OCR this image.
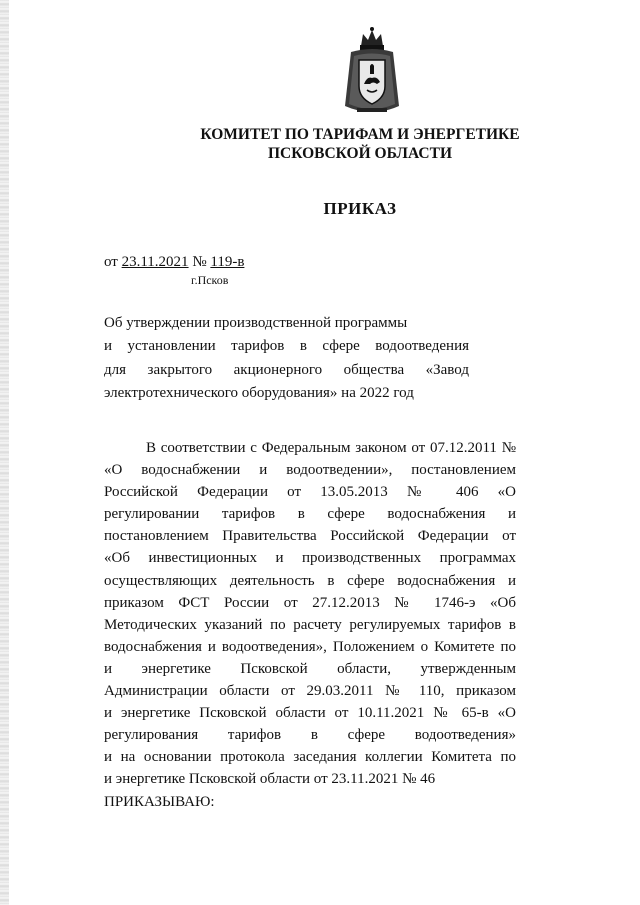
КОМИТЕТ ПО ТАРИФАМ И ЭНЕРГЕТИКЕ
ПСКОВСКОЙ ОБЛАСТИ
ПРИКАЗ
от 23.11.2021 № 119-в
г.Псков
Об утверждении производственной программы
и установлении тарифов в сфере водоотведения
для закрытого акционерного общества «Завод
электротехнического оборудования» на 2022 год
В соответствии с Федеральным законом от 07.12.2011 №
«О водоснабжении и водоотведении», постановлением
Российской Федерации от 13.05.2013 № 406 «О
регулировании тарифов в сфере водоснабжения и
постановлением Правительства Российской Федерации от
«Об инвестиционных и производственных программах
осуществляющих деятельность в сфере водоснабжения и
приказом ФСТ России от 27.12.2013 № 1746-э «Об
Методических указаний по расчету регулируемых тарифов в
водоснабжения и водоотведения», Положением о Комитете по
и энергетике Псковской области, утвержденным
Администрации области от 29.03.2011 № 110, приказом
и энергетике Псковской области от 10.11.2021 № 65-в «О
регулирования тарифов в сфере водоотведения»
и на основании протокола заседания коллегии Комитета по
и энергетике Псковской области от 23.11.2021 № 46
ПРИКАЗЫВАЮ:
